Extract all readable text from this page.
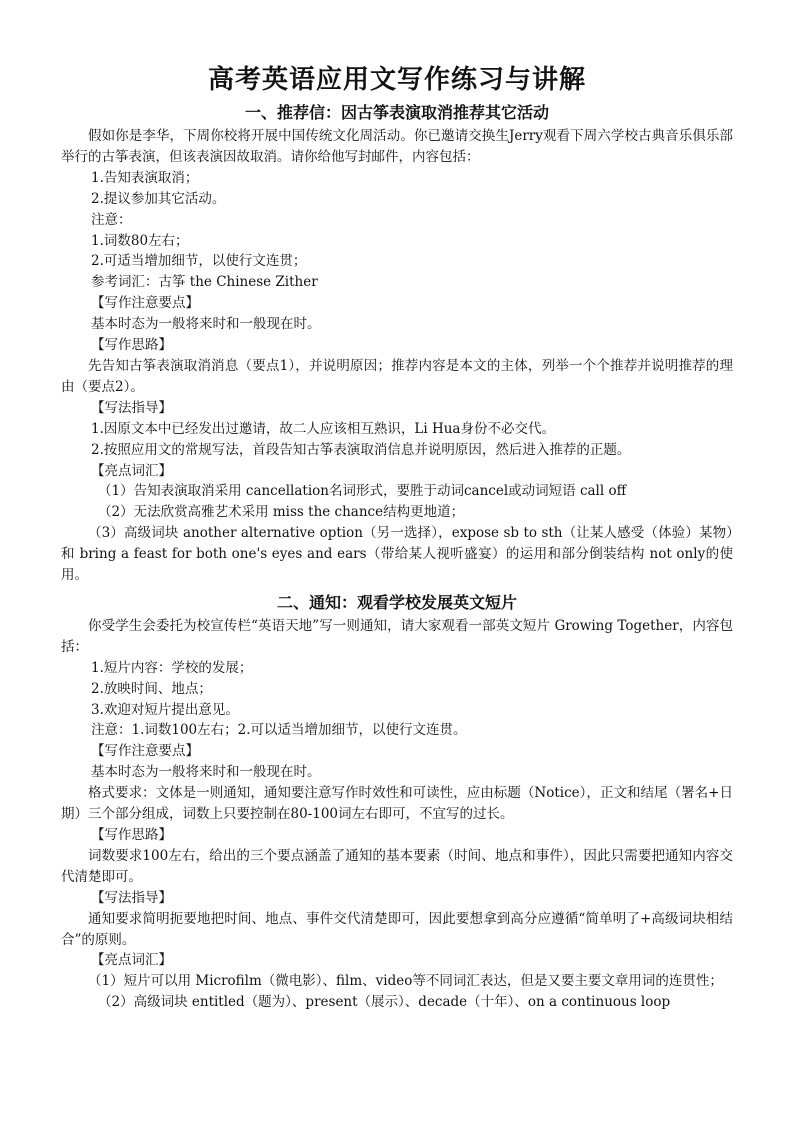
高考英语应用文写作练习与讲解
一、推荐信：因古筝表演取消推荐其它活动

假如你是李华，下周你校将开展中国传统文化周活动。你已邀请交换生Jerry观看下周六学校古典音乐俱乐部举行的古筝表演，但该表演因故取消。请你给他写封邮件，内容包括：

1.告知表演取消；

2.提议参加其它活动。

注意：

1.词数80左右；

2.可适当增加细节，以使行文连贯；

参考词汇：古筝 the Chinese Zither

【写作注意要点】

基本时态为一般将来时和一般现在时。

【写作思路】

先告知古筝表演取消消息（要点1），并说明原因；推荐内容是本文的主体，列举一个个推荐并说明推荐的理由（要点2）。

【写法指导】

1.因原文本中已经发出过邀请，故二人应该相互熟识，Li Hua身份不必交代。

2.按照应用文的常规写法，首段告知古筝表演取消信息并说明原因，然后进入推荐的正题。

【亮点词汇】

（1）告知表演取消采用 cancellation名词形式，要胜于动词cancel或动词短语 call off

（2）无法欣赏高雅艺术采用 miss the chance结构更地道；

（3）高级词块 another alternative option（另一选择），expose sb to sth（让某人感受（体验）某物）和 bring a feast for both one's eyes and ears（带给某人视听盛宴）的运用和部分倒装结构 not only的使用。

二、通知：观看学校发展英文短片

你受学生会委托为校宣传栏“英语天地”写一则通知，请大家观看一部英文短片 Growing Together，内容包括：

1.短片内容：学校的发展；

2.放映时间、地点；

3.欢迎对短片提出意见。

注意：1.词数100左右；2.可以适当增加细节，以使行文连贯。

【写作注意要点】

基本时态为一般将来时和一般现在时。

格式要求：文体是一则通知，通知要注意写作时效性和可读性，应由标题（Notice），正文和结尾（署名+日期）三个部分组成，词数上只要控制在80-100词左右即可，不宜写的过长。

【写作思路】

词数要求100左右，给出的三个要点涵盖了通知的基本要素（时间、地点和事件），因此只需要把通知内容交代清楚即可。

【写法指导】

通知要求简明扼要地把时间、地点、事件交代清楚即可，因此要想拿到高分应遵循“简单明了+高级词块相结合”的原则。

【亮点词汇】

（1）短片可以用 Microfilm（微电影）、film、video等不同词汇表达，但是又要主要文章用词的连贯性；

（2）高级词块 entitled（题为）、present（展示）、decade（十年）、on a continuous loop
